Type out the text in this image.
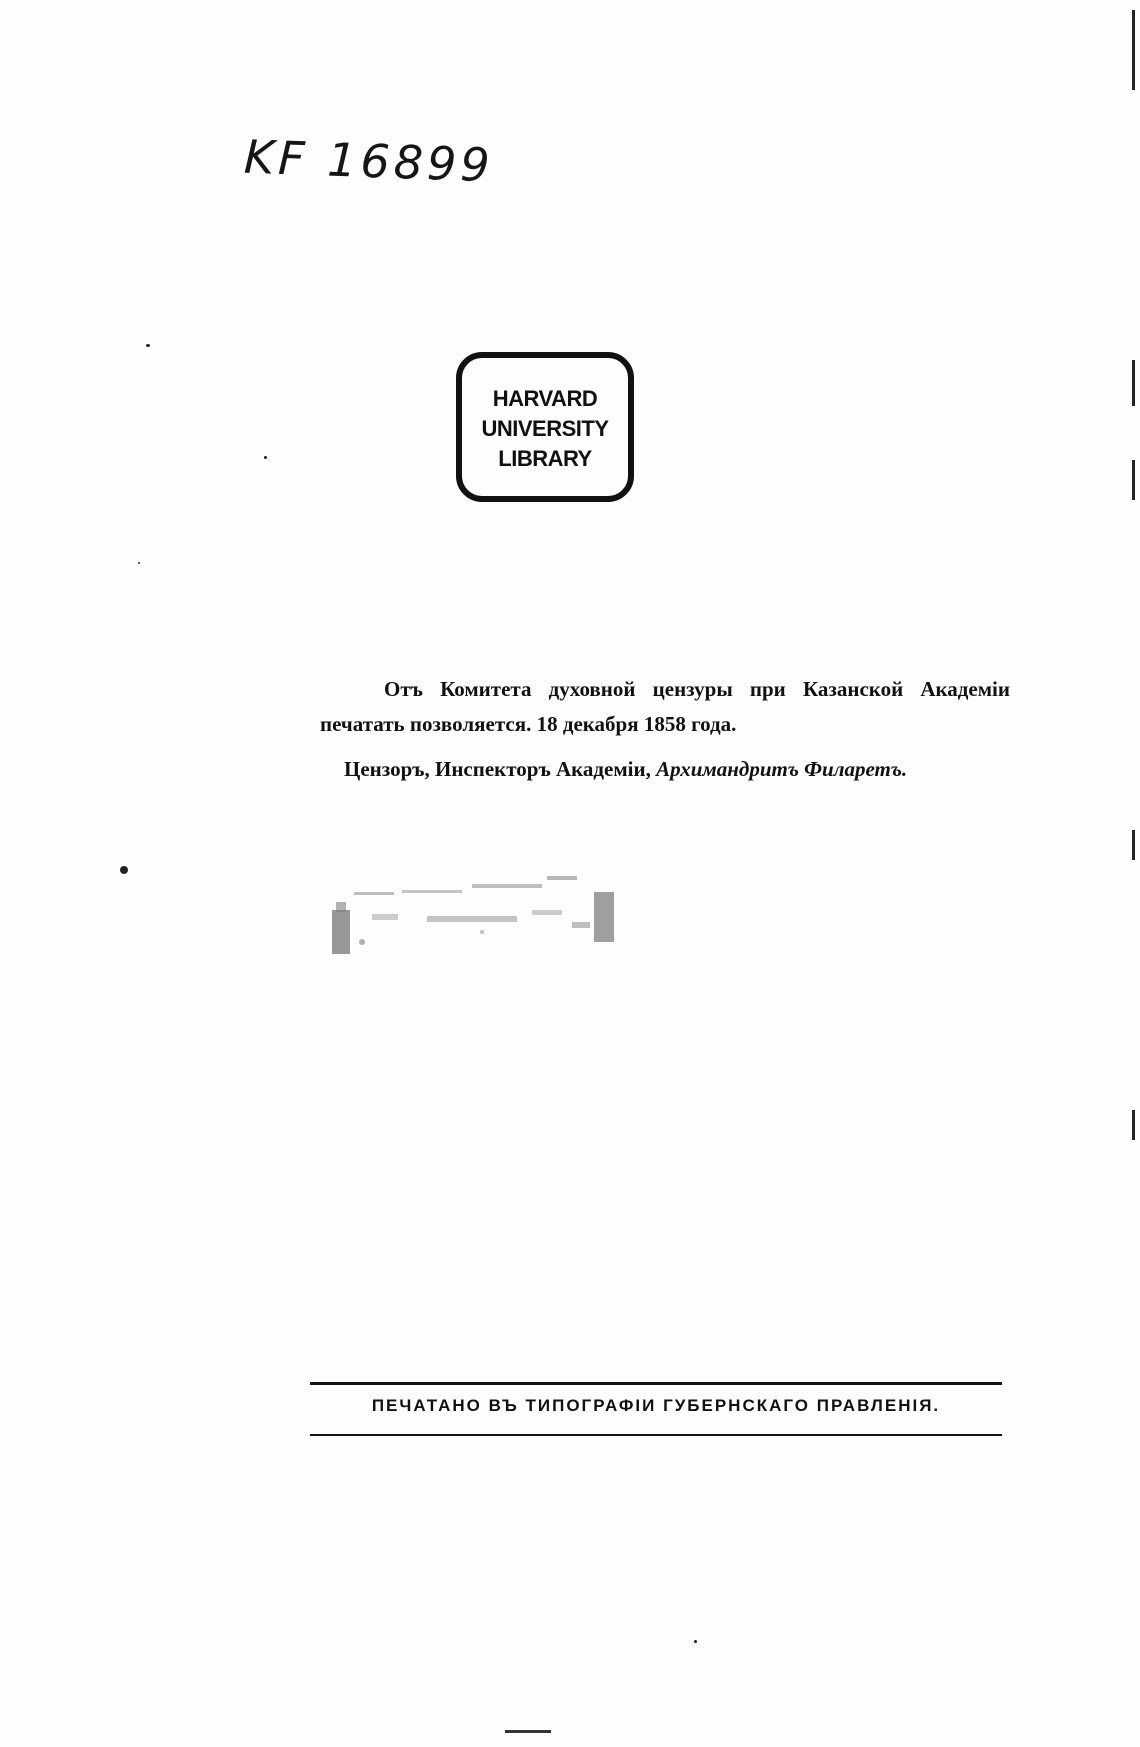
KF 16899
HARVARD
UNIVERSITY
LIBRARY

Отъ Комитета духовной цензуры при Казанской Академіи печатать позволяется. 18 декабря 1858 года.

Цензоръ, Инспекторъ Академіи, Архимандритъ Филаретъ.

ПЕЧАТАНО ВЪ ТИПОГРАФІИ ГУБЕРНСКАГО ПРАВЛЕНІЯ.
